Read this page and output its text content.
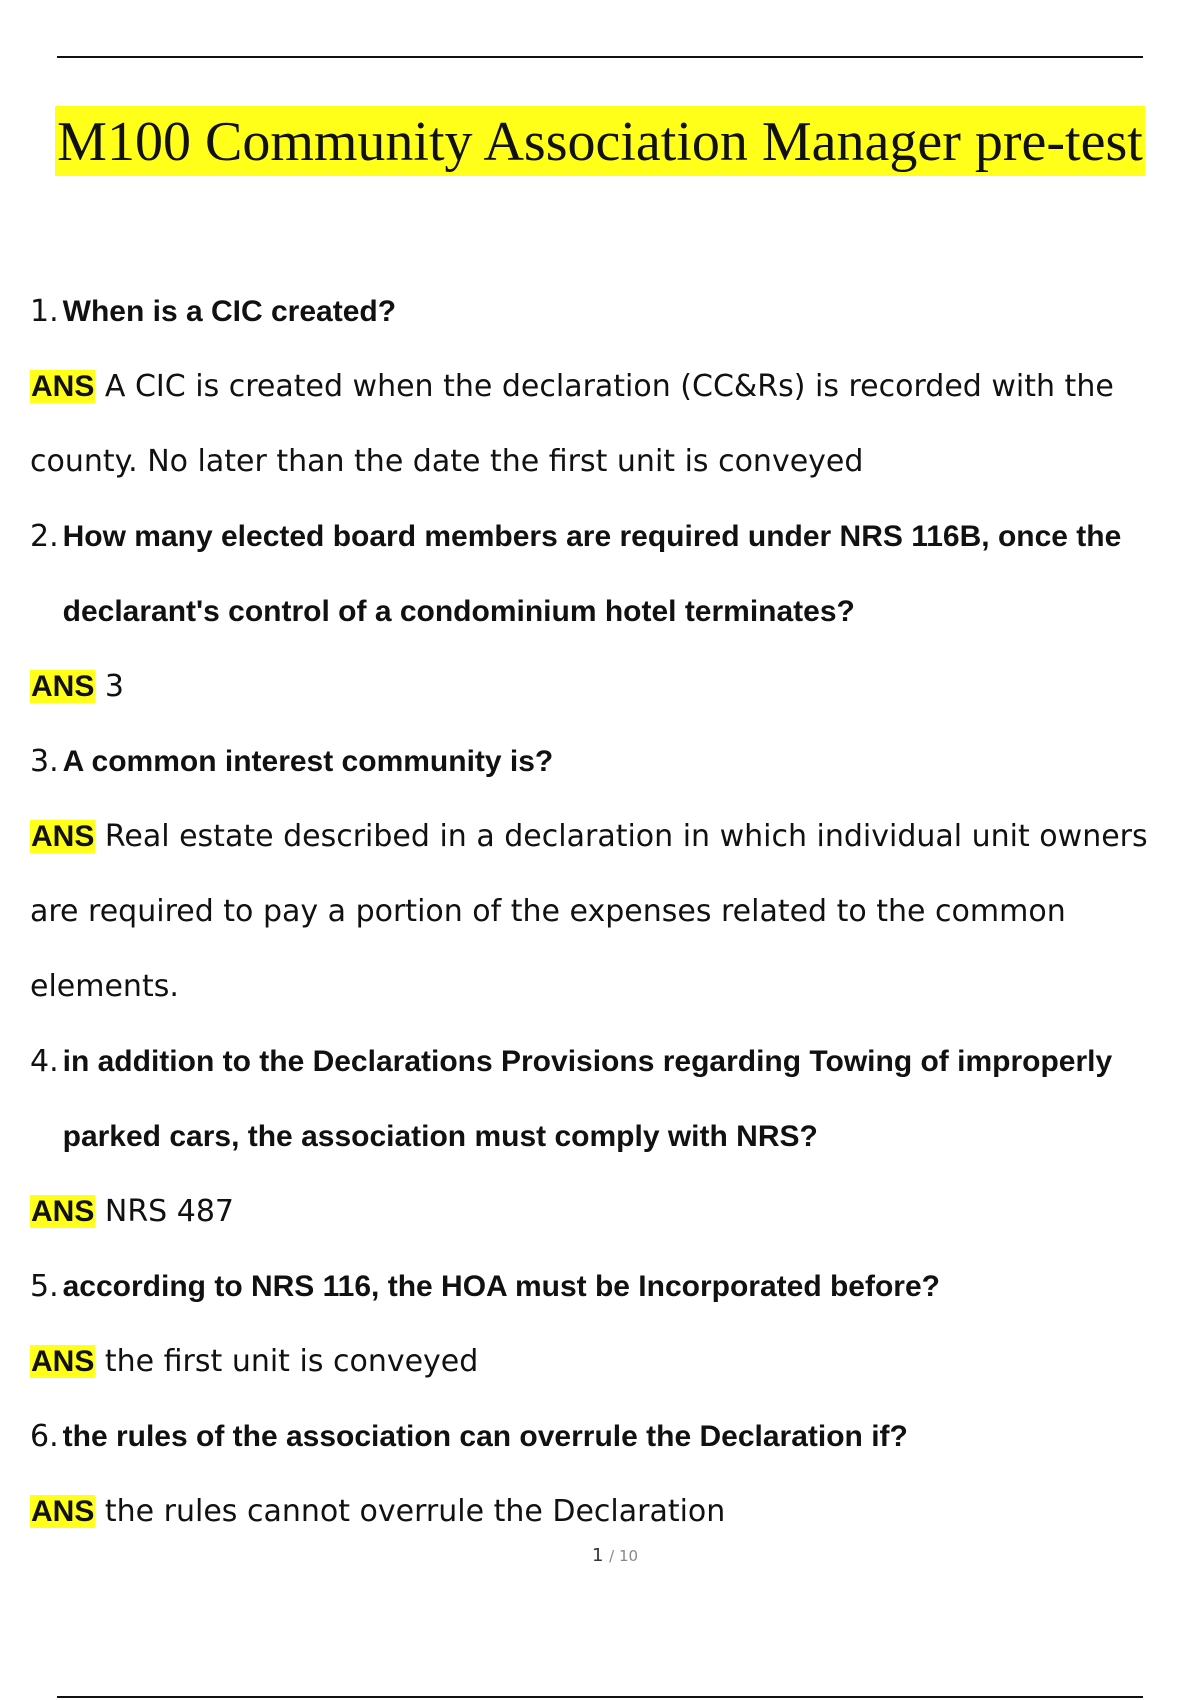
M100 Community Association Manager pre-test

1. When is a CIC created?

ANS A CIC is created when the declaration (CC&Rs) is recorded with the county. No later than the date the first unit is conveyed

2. How many elected board members are required under NRS 116B, once the declarant's control of a condominium hotel terminates?

ANS 3

3. A common interest community is?

ANS Real estate described in a declaration in which individual unit owners are required to pay a portion of the expenses related to the common elements.

4. in addition to the Declarations Provisions regarding Towing of improperly parked cars, the association must comply with NRS?

ANS NRS 487

5. according to NRS 116, the HOA must be Incorporated before?

ANS the first unit is conveyed

6. the rules of the association can overrule the Declaration if?

ANS the rules cannot overrule the Declaration

1 / 10
